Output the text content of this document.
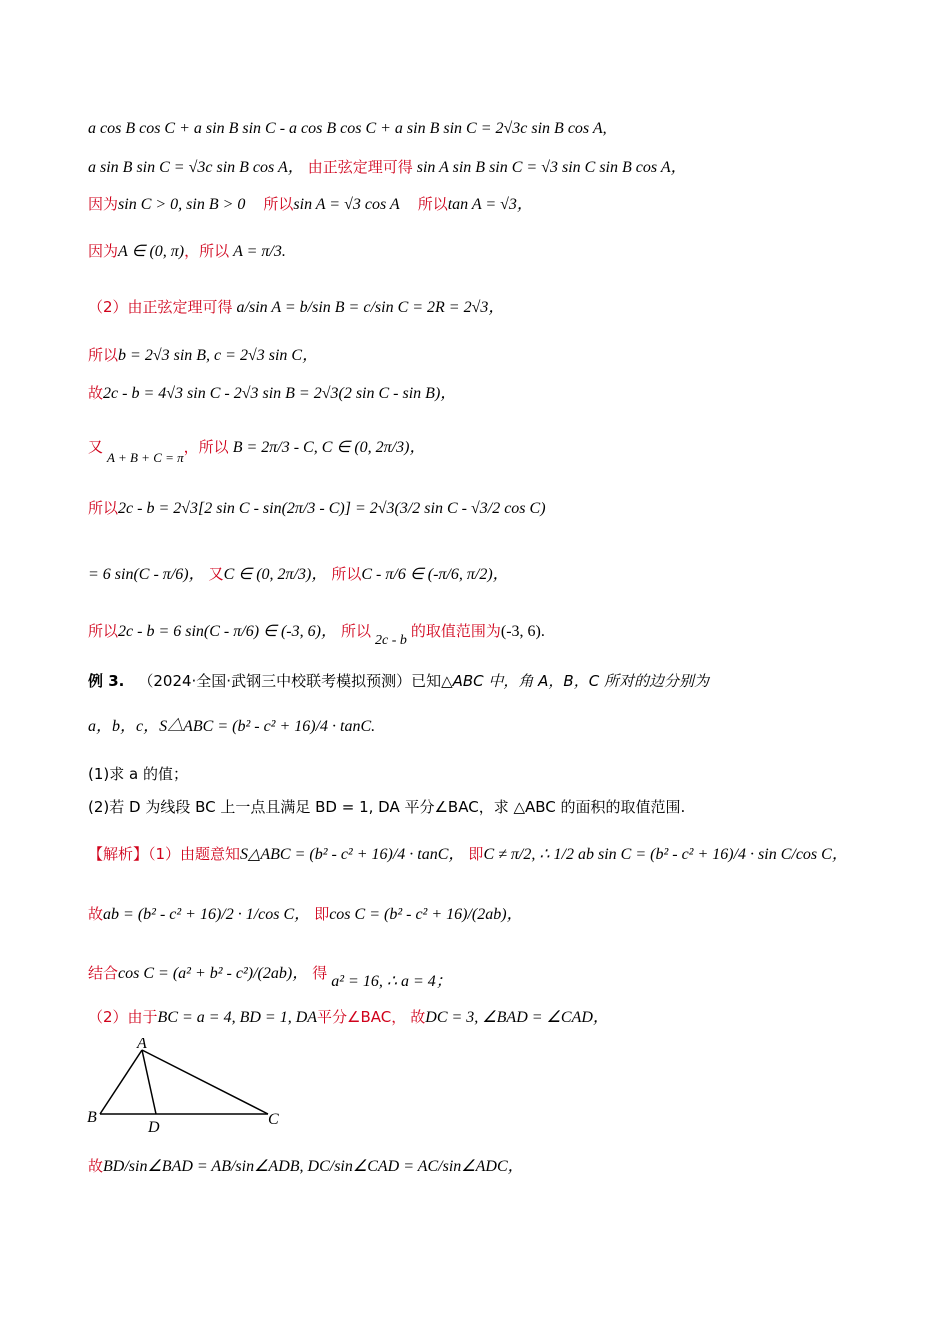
a cos B cos C + a sin B sin C - a cos B cos C + a sin B sin C = 2√3c sin B cos A,
a sin B sin C = √3c sin B cos A， 由正弦定理可得 sin A sin B sin C = √3 sin C sin B cos A，
因为sin C > 0, sin B > 0 所以sin A = √3 cos A 所以tan A = √3，
因为A ∈ (0, π)，所以 A = π/3.
（2）由正弦定理可得 a/sin A = b/sin B = c/sin C = 2R = 2√3，
所以b = 2√3 sin B, c = 2√3 sin C，
故2c - b = 4√3 sin C - 2√3 sin B = 2√3(2 sin C - sin B)，
又 $_{A + B + C = \pi}$，所以 B = 2π/3 - C, C ∈ (0, 2π/3)，
所以2c - b = 2√3[2 sin C - sin(2π/3 - C)] = 2√3(3/2 sin C - √3/2 cos C)
= 6 sin(C - π/6)， 又C ∈ (0, 2π/3)， 所以C - π/6 ∈ (-π/6, π/2)，
所以2c - b = 6 sin(C - π/6) ∈ (-3, 6)， 所以 2c - b 的取值范围为(-3, 6).
例 3. （2024·全国·武钢三中校联考模拟预测）已知△ABC 中，角 A，B，C 所对的边分别为
a，b，c，S△ABC = (b² - c² + 16)/4 · tanC.
(1)求 a 的值；
(2)若 D 为线段 BC 上一点且满足 BD = 1, DA 平分∠BAC，求 △ABC 的面积的取值范围.
【解析】（1）由题意知S△ABC = (b² - c² + 16)/4 · tanC， 即C ≠ π/2, ∴ 1/2 ab sin C = (b² - c² + 16)/4 · sin C/cos C，
故ab = (b² - c² + 16)/2 · 1/cos C， 即cos C = (b² - c² + 16)/(2ab)，
结合cos C = (a² + b² - c²)/(2ab)， 得 a² = 16, ∴ a = 4；
（2）由于BC = a = 4, BD = 1, DA平分∠BAC， 故DC = 3, ∠BAD = ∠CAD，
A
B	C
D
故BD/sin∠BAD = AB/sin∠ADB, DC/sin∠CAD = AC/sin∠ADC，
